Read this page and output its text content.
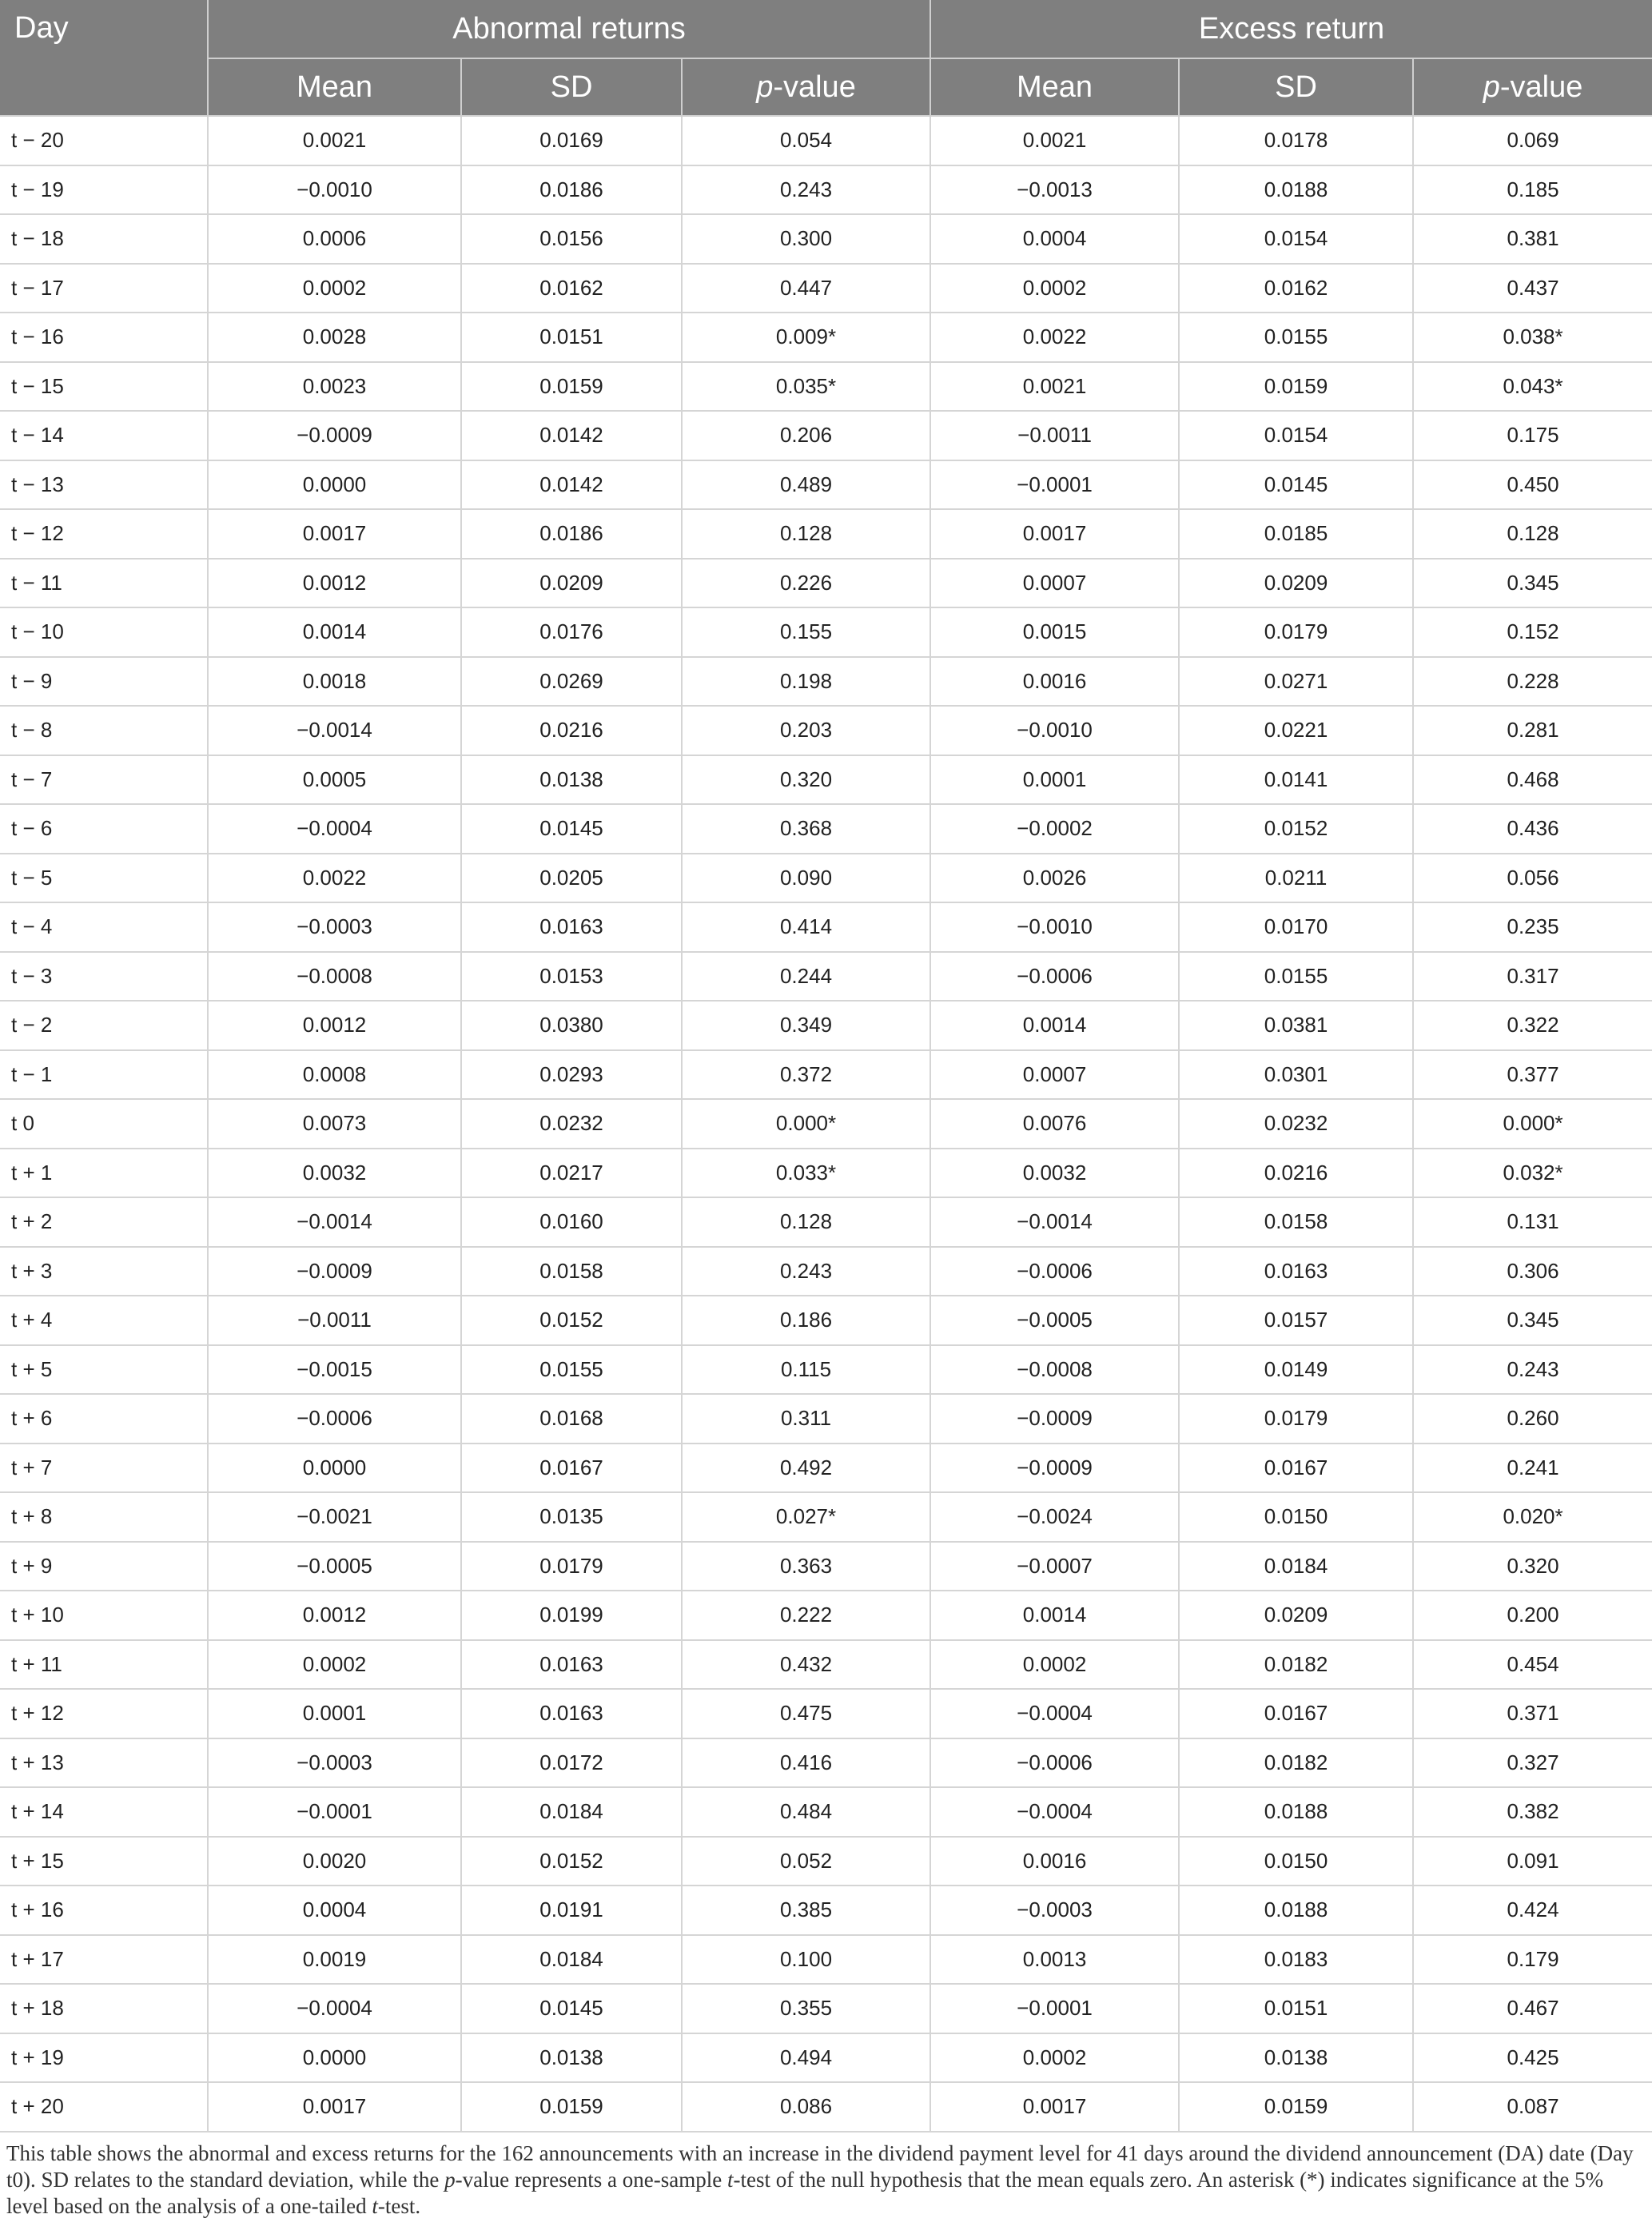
Day	Abnormal returns			Excess return		
	Mean	SD	p-value	Mean	SD	p-value
t − 20	0.0021	0.0169	0.054	0.0021	0.0178	0.069
t − 19	−0.0010	0.0186	0.243	−0.0013	0.0188	0.185
t − 18	0.0006	0.0156	0.300	0.0004	0.0154	0.381
t − 17	0.0002	0.0162	0.447	0.0002	0.0162	0.437
t − 16	0.0028	0.0151	0.009*	0.0022	0.0155	0.038*
t − 15	0.0023	0.0159	0.035*	0.0021	0.0159	0.043*
t − 14	−0.0009	0.0142	0.206	−0.0011	0.0154	0.175
t − 13	0.0000	0.0142	0.489	−0.0001	0.0145	0.450
t − 12	0.0017	0.0186	0.128	0.0017	0.0185	0.128
t − 11	0.0012	0.0209	0.226	0.0007	0.0209	0.345
t − 10	0.0014	0.0176	0.155	0.0015	0.0179	0.152
t − 9	0.0018	0.0269	0.198	0.0016	0.0271	0.228
t − 8	−0.0014	0.0216	0.203	−0.0010	0.0221	0.281
t − 7	0.0005	0.0138	0.320	0.0001	0.0141	0.468
t − 6	−0.0004	0.0145	0.368	−0.0002	0.0152	0.436
t − 5	0.0022	0.0205	0.090	0.0026	0.0211	0.056
t − 4	−0.0003	0.0163	0.414	−0.0010	0.0170	0.235
t − 3	−0.0008	0.0153	0.244	−0.0006	0.0155	0.317
t − 2	0.0012	0.0380	0.349	0.0014	0.0381	0.322
t − 1	0.0008	0.0293	0.372	0.0007	0.0301	0.377
t 0	0.0073	0.0232	0.000*	0.0076	0.0232	0.000*
t + 1	0.0032	0.0217	0.033*	0.0032	0.0216	0.032*
t + 2	−0.0014	0.0160	0.128	−0.0014	0.0158	0.131
t + 3	−0.0009	0.0158	0.243	−0.0006	0.0163	0.306
t + 4	−0.0011	0.0152	0.186	−0.0005	0.0157	0.345
t + 5	−0.0015	0.0155	0.115	−0.0008	0.0149	0.243
t + 6	−0.0006	0.0168	0.311	−0.0009	0.0179	0.260
t + 7	0.0000	0.0167	0.492	−0.0009	0.0167	0.241
t + 8	−0.0021	0.0135	0.027*	−0.0024	0.0150	0.020*
t + 9	−0.0005	0.0179	0.363	−0.0007	0.0184	0.320
t + 10	0.0012	0.0199	0.222	0.0014	0.0209	0.200
t + 11	0.0002	0.0163	0.432	0.0002	0.0182	0.454
t + 12	0.0001	0.0163	0.475	−0.0004	0.0167	0.371
t + 13	−0.0003	0.0172	0.416	−0.0006	0.0182	0.327
t + 14	−0.0001	0.0184	0.484	−0.0004	0.0188	0.382
t + 15	0.0020	0.0152	0.052	0.0016	0.0150	0.091
t + 16	0.0004	0.0191	0.385	−0.0003	0.0188	0.424
t + 17	0.0019	0.0184	0.100	0.0013	0.0183	0.179
t + 18	−0.0004	0.0145	0.355	−0.0001	0.0151	0.467
t + 19	0.0000	0.0138	0.494	0.0002	0.0138	0.425
t + 20	0.0017	0.0159	0.086	0.0017	0.0159	0.087
This table shows the abnormal and excess returns for the 162 announcements with an increase in the dividend payment level for 41 days around the dividend announcement (DA) date (Day t0). SD relates to the standard deviation, while the p-value represents a one-sample t-test of the null hypothesis that the mean equals zero. An asterisk (*) indicates significance at the 5% level based on the analysis of a one-tailed t-test.
